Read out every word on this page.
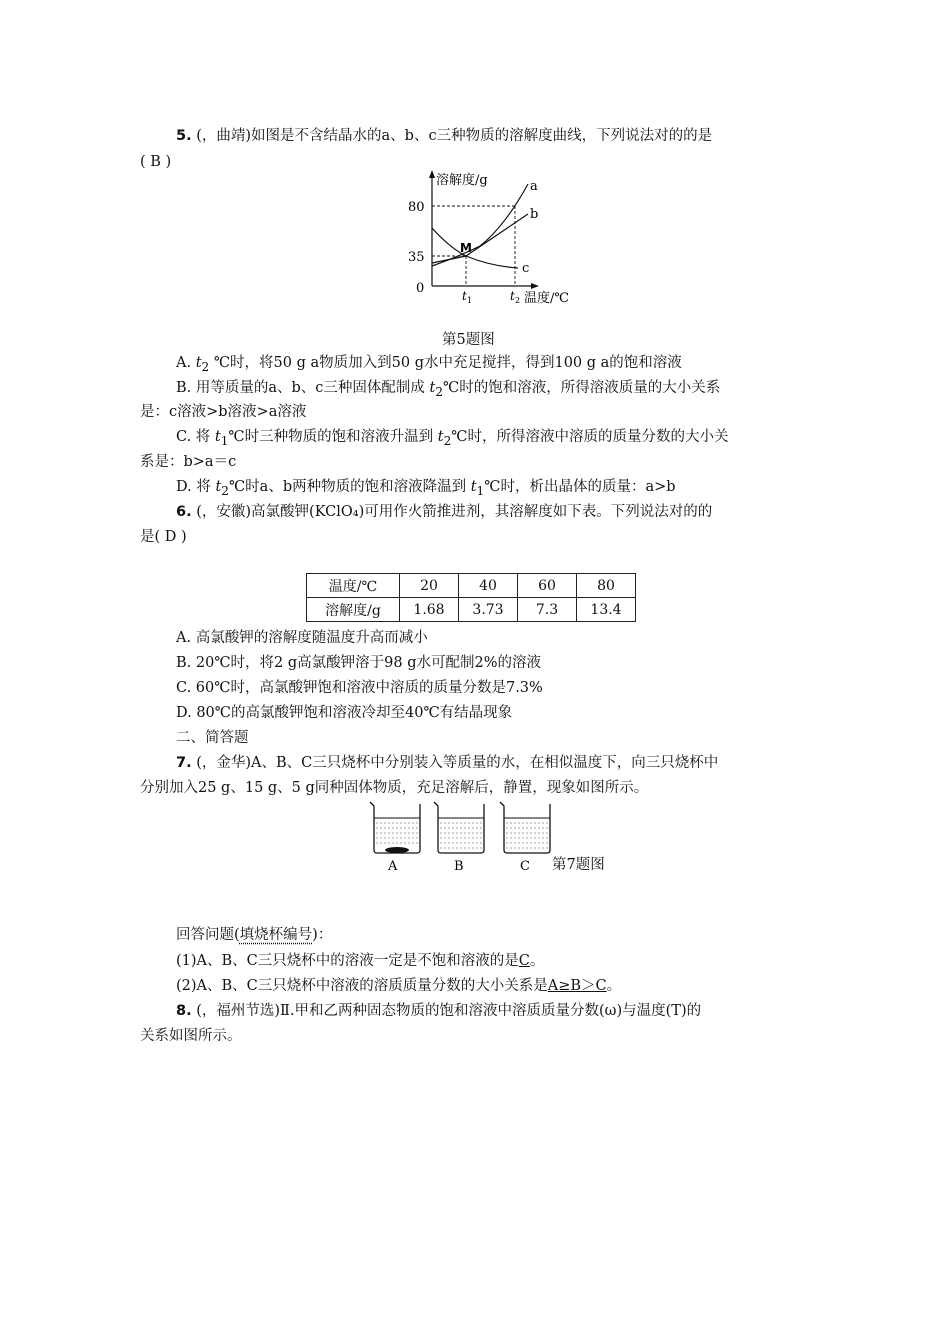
5. (，曲靖)如图是不含结晶水的a、b、c三种物质的溶解度曲线，下列说法对的的是
( B )
溶解度/g
80
35
0
M
a
b
c
t 1	t 2 温度/℃
第5题图
A. $t_2$ ℃时，将50 g a物质加入到50 g水中充足搅拌，得到100 g a的饱和溶液
B. 用等质量的a、b、c三种固体配制成 $t_2℃$时的饱和溶液，所得溶液质量的大小关系
是：c溶液>b溶液>a溶液
C. 将 $t_1℃$时三种物质的饱和溶液升温到 $t_2℃$时，所得溶液中溶质的质量分数的大小关
系是：b>a＝c
D. 将 $t_2℃$时a、b两种物质的饱和溶液降温到 $t_1℃$时，析出晶体的质量：a>b
6. (，安徽)高氯酸钾(KClO₄)可用作火箭推进剂，其溶解度如下表。下列说法对的的
是( D )
温度/℃	20	40	60	80
溶解度/g	1.68	3.73	7.3	13.4
A. 高氯酸钾的溶解度随温度升高而减小
B. 20℃时，将2 g高氯酸钾溶于98 g水可配制2%的溶液
C. 60℃时，高氯酸钾饱和溶液中溶质的质量分数是7.3%
D. 80℃的高氯酸钾饱和溶液冷却至40℃有结晶现象
二、简答题
7. (，金华)A、B、C三只烧杯中分别装入等质量的水，在相似温度下，向三只烧杯中
分别加入25 g、15 g、5 g同种固体物质，充足溶解后，静置，现象如图所示。
A	B	C 第7题图
回答问题(填烧杯编号)：
(1)A、B、C三只烧杯中的溶液一定是不饱和溶液的是C。
(2)A、B、C三只烧杯中溶液的溶质质量分数的大小关系是A≥B＞C。
8. (，福州节选)Ⅱ.甲和乙两种固态物质的饱和溶液中溶质质量分数(ω)与温度(T)的
关系如图所示。
